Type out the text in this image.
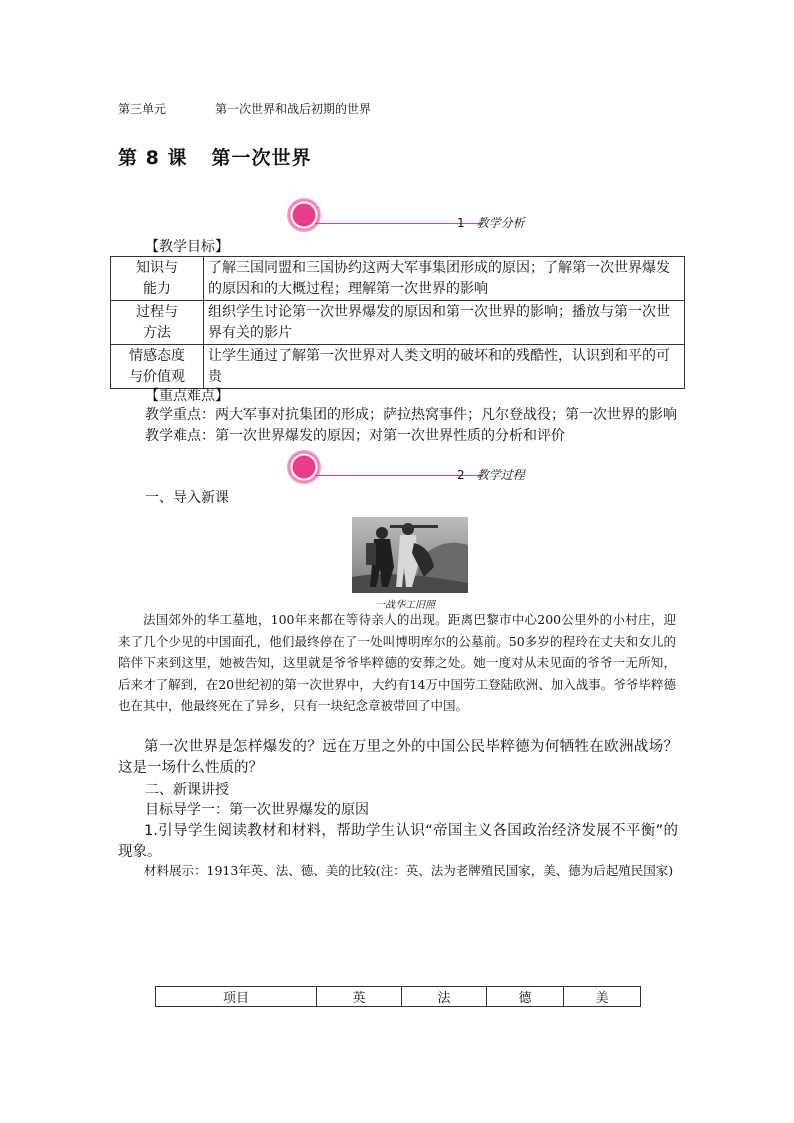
第三单元	第一次世界和战后初期的世界
第 8 课 第一次世界
1 教学分析
【教学目标】
知识与
能力	了解三国同盟和三国协约这两大军事集团形成的原因；了解第一次世界爆发的原因和的大概过程；理解第一次世界的影响
过程与
方法	组织学生讨论第一次世界爆发的原因和第一次世界的影响；播放与第一次世界有关的影片
情感态度
与价值观	让学生通过了解第一次世界对人类文明的破坏和的残酷性，认识到和平的可贵
【重点难点】
教学重点：两大军事对抗集团的形成；萨拉热窝事件；凡尔登战役；第一次世界的影响
教学难点：第一次世界爆发的原因；对第一次世界性质的分析和评价
2 教学过程
一、导入新课
一战华工旧照
法国郊外的华工墓地，100年来都在等待亲人的出现。距离巴黎市中心200公里外的小村庄，迎来了几个少见的中国面孔，他们最终停在了一处叫博明库尔的公墓前。50多岁的程玲在丈夫和女儿的陪伴下来到这里，她被告知，这里就是爷爷毕粹德的安葬之处。她一度对从未见面的爷爷一无所知，后来才了解到，在20世纪初的第一次世界中，大约有14万中国劳工登陆欧洲、加入战事。爷爷毕粹德也在其中，他最终死在了异乡，只有一块纪念章被带回了中国。
第一次世界是怎样爆发的？远在万里之外的中国公民毕粹德为何牺牲在欧洲战场？这是一场什么性质的？
二、新课讲授
目标导学一：第一次世界爆发的原因
1.引导学生阅读教材和材料，帮助学生认识“帝国主义各国政治经济发展不平衡”的现象。
材料展示：1913年英、法、德、美的比较(注：英、法为老牌殖民国家，美、德为后起殖民国家)
项目	英	法	德	美
